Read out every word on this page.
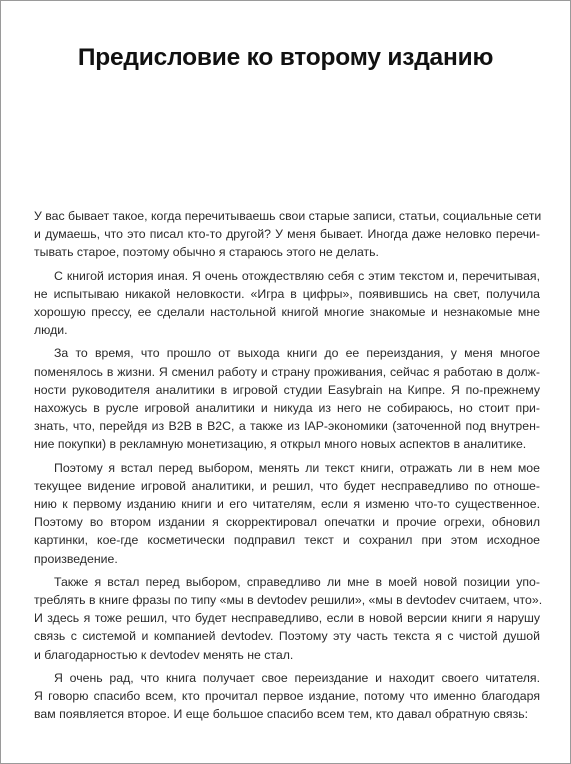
Предисловие ко второму изданию

У вас бывает такое, когда перечитываешь свои старые записи, статьи, социальные сети
и думаешь, что это писал кто-то другой? У меня бывает. Иногда даже неловко перечи-
тывать старое, поэтому обычно я стараюсь этого не делать.

С книгой история иная. Я очень отождествляю себя с этим текстом и, перечитывая,
не испытываю никакой неловкости. «Игра в цифры», появившись на свет, получила
хорошую прессу, ее сделали настольной книгой многие знакомые и незнакомые мне
люди.

За то время, что прошло от выхода книги до ее переиздания, у меня многое
поменялось в жизни. Я сменил работу и страну проживания, сейчас я работаю в долж-
ности руководителя аналитики в игровой студии Easybrain на Кипре. Я по-прежнему
нахожусь в русле игровой аналитики и никуда из него не собираюсь, но стоит при-
знать, что, перейдя из B2B в B2C, а также из IAP-экономики (заточенной под внутрен-
ние покупки) в рекламную монетизацию, я открыл много новых аспектов в аналитике.

Поэтому я встал перед выбором, менять ли текст книги, отражать ли в нем мое
текущее видение игровой аналитики, и решил, что будет несправедливо по отноше-
нию к первому изданию книги и его читателям, если я изменю что-то существенное.
Поэтому во втором издании я скорректировал опечатки и прочие огрехи, обновил
картинки, кое-где косметически подправил текст и сохранил при этом исходное
произведение.

Также я встал перед выбором, справедливо ли мне в моей новой позиции упо-
треблять в книге фразы по типу «мы в devtodev решили», «мы в devtodev считаем, что».
И здесь я тоже решил, что будет несправедливо, если в новой версии книги я нарушу
связь с системой и компанией devtodev. Поэтому эту часть текста я с чистой душой
и благодарностью к devtodev менять не стал.

Я очень рад, что книга получает свое переиздание и находит своего читателя.
Я говорю спасибо всем, кто прочитал первое издание, потому что именно благодаря
вам появляется второе. И еще большое спасибо всем тем, кто давал обратную связь:
